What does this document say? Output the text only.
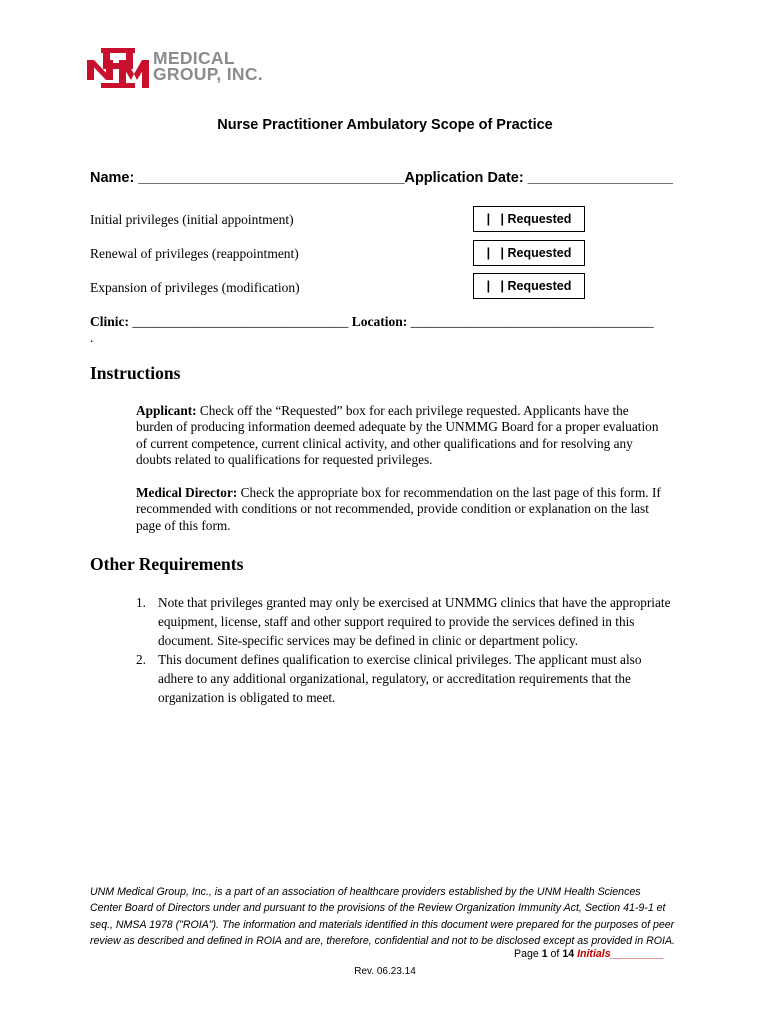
MEDICAL
GROUP, INC.
Nurse Practitioner Ambulatory Scope of Practice
Name: _________________________________Application Date: __________________
Initial privileges (initial appointment)	|   | Requested
Renewal of privileges (reappointment)	|   | Requested
Expansion of privileges (modification)	|   | Requested
Clinic: ________________________________ Location: ____________________________________
.
Instructions
Applicant: Check off the “Requested” box for each privilege requested. Applicants have the burden of producing information deemed adequate by the UNMMG Board for a proper evaluation of current competence, current clinical activity, and other qualifications and for resolving any doubts related to qualifications for requested privileges.
Medical Director: Check the appropriate box for recommendation on the last page of this form. If recommended with conditions or not recommended, provide condition or explanation on the last page of this form.
Other Requirements
1. Note that privileges granted may only be exercised at UNMMG clinics that have the appropriate equipment, license, staff and other support required to provide the services defined in this document. Site-specific services may be defined in clinic or department policy.
2. This document defines qualification to exercise clinical privileges. The applicant must also adhere to any additional organizational, regulatory, or accreditation requirements that the organization is obligated to meet.
UNM Medical Group, Inc., is a part of an association of healthcare providers established by the UNM Health Sciences Center Board of Directors under and pursuant to the provisions of the Review Organization Immunity Act, Section 41-9-1 et seq., NMSA 1978 ("ROIA"). The information and materials identified in this document were prepared for the purposes of peer review as described and defined in ROIA and are, therefore, confidential and not to be disclosed except as provided in ROIA.
Page 1 of 14 Initials_________
Rev. 06.23.14
